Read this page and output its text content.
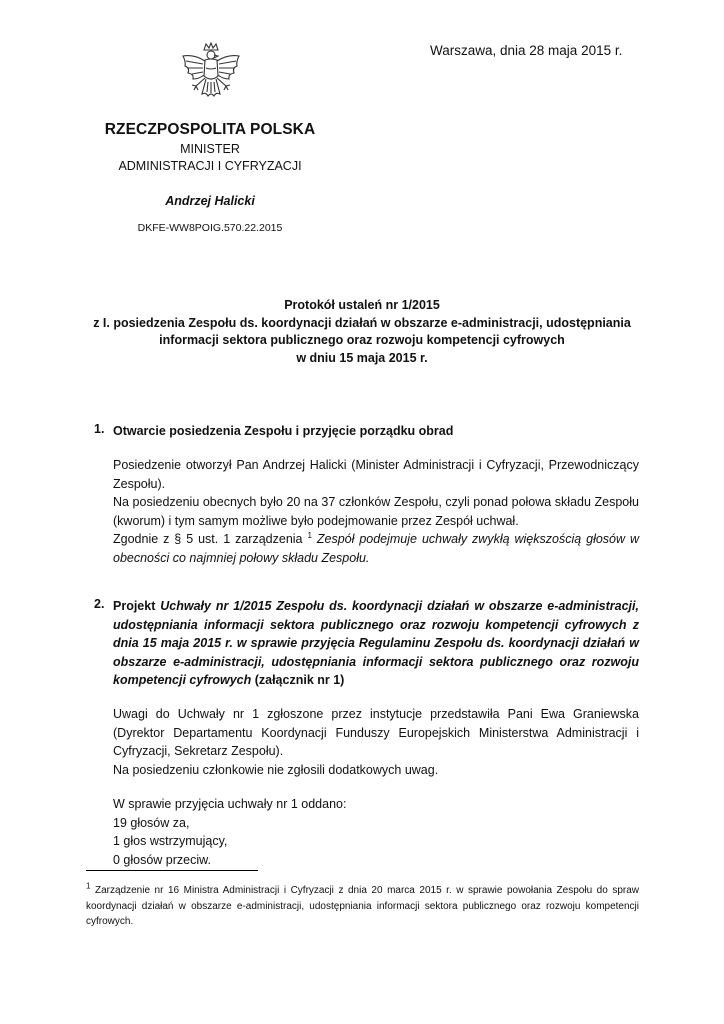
Warszawa, dnia 28 maja 2015 r.
RZECZPOSPOLITA POLSKA
MINISTER
ADMINISTRACJI I CYFRYZACJI
Andrzej Halicki
DKFE-WW8POIG.570.22.2015
Protokół ustaleń nr 1/2015
z I. posiedzenia Zespołu ds. koordynacji działań w obszarze e-administracji, udostępniania
informacji sektora publicznego oraz rozwoju kompetencji cyfrowych
w dniu 15 maja 2015 r.
1. Otwarcie posiedzenia Zespołu i przyjęcie porządku obrad

Posiedzenie otworzył Pan Andrzej Halicki (Minister Administracji i Cyfryzacji, Przewodniczący Zespołu).

Na posiedzeniu obecnych było 20 na 37 członków Zespołu, czyli ponad połowa składu Zespołu (kworum) i tym samym możliwe było podejmowanie przez Zespół uchwał.

Zgodnie z § 5 ust. 1 zarządzenia $^1$ Zespół podejmuje uchwały zwykłą większością głosów w obecności co najmniej połowy składu Zespołu.

2. Projekt Uchwały nr 1/2015 Zespołu ds. koordynacji działań w obszarze e-administracji, udostępniania informacji sektora publicznego oraz rozwoju kompetencji cyfrowych z dnia 15 maja 2015 r. w sprawie przyjęcia Regulaminu Zespołu ds. koordynacji działań w obszarze e-administracji, udostępniania informacji sektora publicznego oraz rozwoju kompetencji cyfrowych (załącznik nr 1)

Uwagi do Uchwały nr 1 zgłoszone przez instytucje przedstawiła Pani Ewa Graniewska (Dyrektor Departamentu Koordynacji Funduszy Europejskich Ministerstwa Administracji i Cyfryzacji, Sekretarz Zespołu).

Na posiedzeniu członkowie nie zgłosili dodatkowych uwag.

W sprawie przyjęcia uchwały nr 1 oddano:

19 głosów za,

1 głos wstrzymujący,

0 głosów przeciw.

$^1$ Zarządzenie nr 16 Ministra Administracji i Cyfryzacji z dnia 20 marca 2015 r. w sprawie powołania Zespołu do spraw koordynacji działań w obszarze e-administracji, udostępniania informacji sektora publicznego oraz rozwoju kompetencji cyfrowych.
